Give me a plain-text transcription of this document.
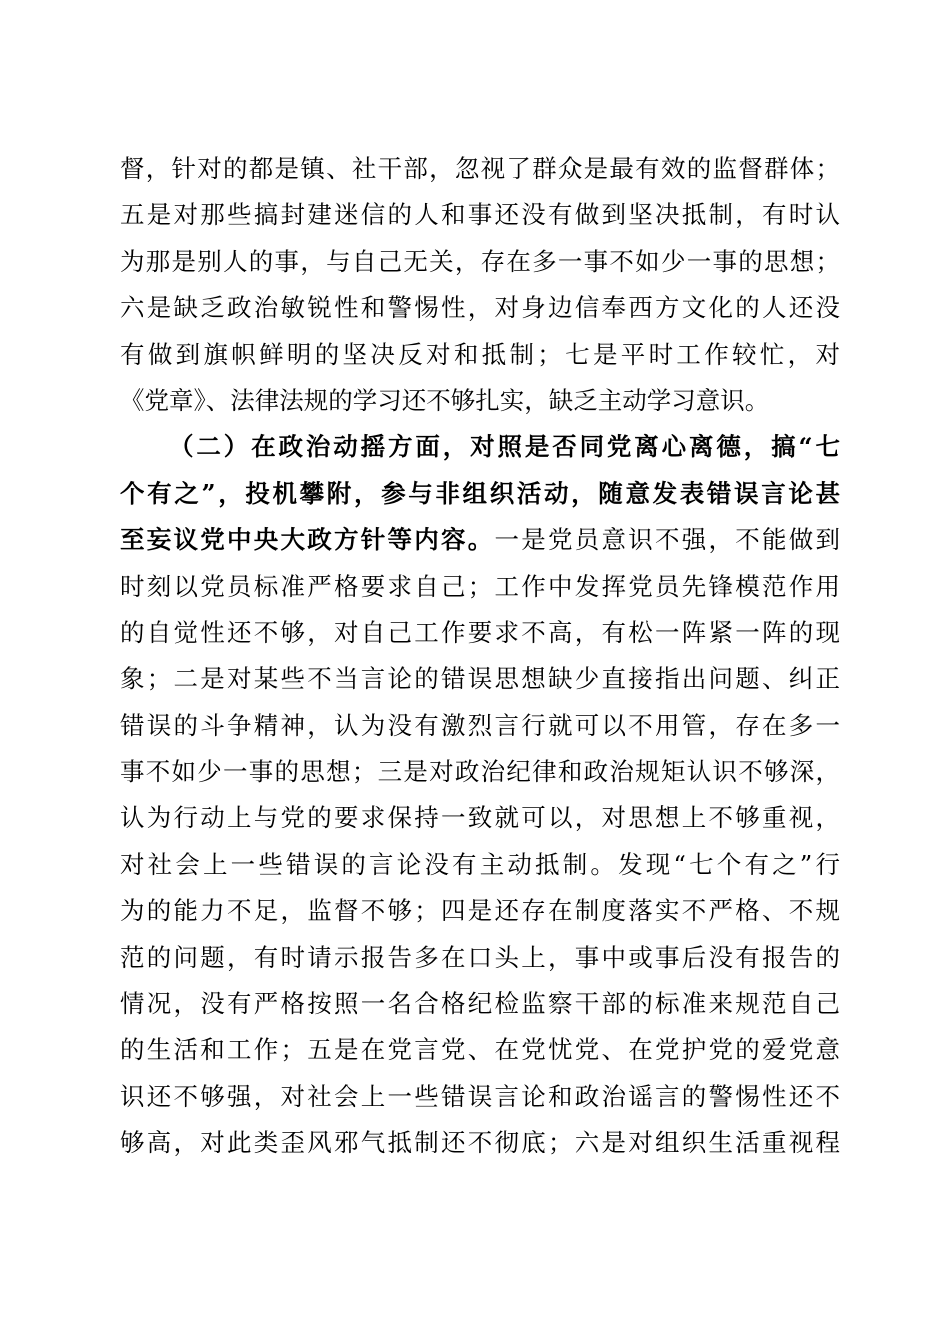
督，针对的都是镇、社干部，忽视了群众是最有效的监督群体；
五是对那些搞封建迷信的人和事还没有做到坚决抵制，有时认
为那是别人的事，与自己无关，存在多一事不如少一事的思想；
六是缺乏政治敏锐性和警惕性，对身边信奉西方文化的人还没
有做到旗帜鲜明的坚决反对和抵制；七是平时工作较忙，对
《党章》、法律法规的学习还不够扎实，缺乏主动学习意识。
（二）在政治动摇方面，对照是否同党离心离德，搞“七
个有之”，投机攀附，参与非组织活动，随意发表错误言论甚
至妄议党中央大政方针等内容。一是党员意识不强，不能做到
时刻以党员标准严格要求自己；工作中发挥党员先锋模范作用
的自觉性还不够，对自己工作要求不高，有松一阵紧一阵的现
象；二是对某些不当言论的错误思想缺少直接指出问题、纠正
错误的斗争精神，认为没有激烈言行就可以不用管，存在多一
事不如少一事的思想；三是对政治纪律和政治规矩认识不够深，
认为行动上与党的要求保持一致就可以，对思想上不够重视，
对社会上一些错误的言论没有主动抵制。发现“七个有之”行
为的能力不足，监督不够；四是还存在制度落实不严格、不规
范的问题，有时请示报告多在口头上，事中或事后没有报告的
情况，没有严格按照一名合格纪检监察干部的标准来规范自己
的生活和工作；五是在党言党、在党忧党、在党护党的爱党意
识还不够强，对社会上一些错误言论和政治谣言的警惕性还不
够高，对此类歪风邪气抵制还不彻底；六是对组织生活重视程
